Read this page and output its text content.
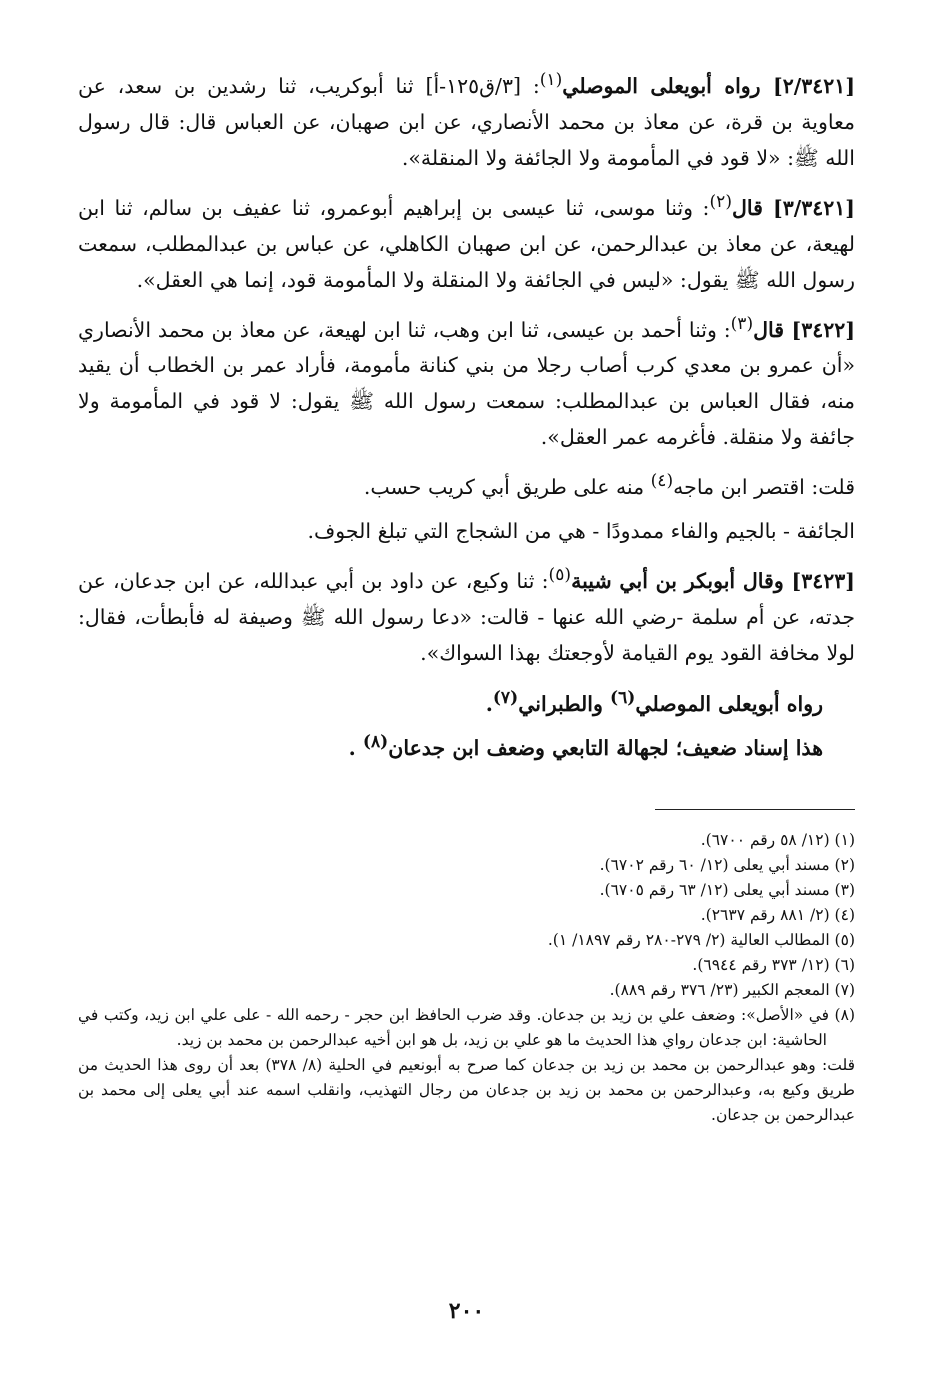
[٢/٣٤٢١] رواه أبويعلى الموصلي$^{(١)}$: [٣/ق١٢٥-أ] ثنا أبوكريب، ثنا رشدين بن سعد، عن معاوية بن قرة، عن معاذ بن محمد الأنصاري، عن ابن صهبان، عن العباس قال: قال رسول الله ﷺ: «لا قود في المأمومة ولا الجائفة ولا المنقلة».

[٣/٣٤٢١] قال$^{(٢)}$: وثنا موسى، ثنا عيسى بن إبراهيم أبوعمرو، ثنا عفيف بن سالم، ثنا ابن لهيعة، عن معاذ بن عبدالرحمن، عن ابن صهبان الكاهلي، عن عباس بن عبدالمطلب، سمعت رسول الله ﷺ يقول: «ليس في الجائفة ولا المنقلة ولا المأمومة قود، إنما هي العقل».

[٣٤٢٢] قال$^{(٣)}$: وثنا أحمد بن عيسى، ثنا ابن وهب، ثنا ابن لهيعة، عن معاذ بن محمد الأنصاري «أن عمرو بن معدي كرب أصاب رجلا من بني كنانة مأمومة، فأراد عمر بن الخطاب أن يقيد منه، فقال العباس بن عبدالمطلب: سمعت رسول الله ﷺ يقول: لا قود في المأمومة ولا جائفة ولا منقلة. فأغرمه عمر العقل».

قلت: اقتصر ابن ماجه$^{(٤)}$ منه على طريق أبي كريب حسب.

الجائفة - بالجيم والفاء ممدودًا - هي من الشجاج التي تبلغ الجوف.

[٣٤٢٣] وقال أبوبكر بن أبي شيبة$^{(٥)}$: ثنا وكيع، عن داود بن أبي عبدالله، عن ابن جدعان، عن جدته، عن أم سلمة -رضي الله عنها - قالت: «دعا رسول الله ﷺ وصيفة له فأبطأت، فقال: لولا مخافة القود يوم القيامة لأوجعتك بهذا السواك».

رواه أبويعلى الموصلي$^{(٦)}$ والطبراني$^{(٧)}$.

هذا إسناد ضعيف؛ لجهالة التابعي وضعف ابن جدعان$^{(٨)}$ .

(١) (١٢/ ٥٨ رقم ٦٧٠٠).

(٢) مسند أبي يعلى (١٢/ ٦٠ رقم ٦٧٠٢).

(٣) مسند أبي يعلى (١٢/ ٦٣ رقم ٦٧٠٥).

(٤) (٢/ ٨٨١ رقم ٢٦٣٧).

(٥) المطالب العالية (٢/ ٢٧٩-٢٨٠ رقم ١٨٩٧/ ١).

(٦) (١٢/ ٣٧٣ رقم ٦٩٤٤).

(٧) المعجم الكبير (٢٣/ ٣٧٦ رقم ٨٨٩).

(٨) في «الأصل»: وضعف علي بن زيد بن جدعان. وقد ضرب الحافظ ابن حجر - رحمه الله - على علي ابن زيد، وكتب في الحاشية: ابن جدعان رواي هذا الحديث ما هو علي بن زيد، بل هو ابن أخيه عبدالرحمن بن محمد بن زيد.

قلت: وهو عبدالرحمن بن محمد بن زيد بن جدعان كما صرح به أبونعيم في الحلية (٨/ ٣٧٨) بعد أن روى هذا الحديث من طريق وكيع به، وعبدالرحمن بن محمد بن زيد بن جدعان من رجال التهذيب، وانقلب اسمه عند أبي يعلى إلى محمد بن عبدالرحمن بن جدعان.

٢٠٠
